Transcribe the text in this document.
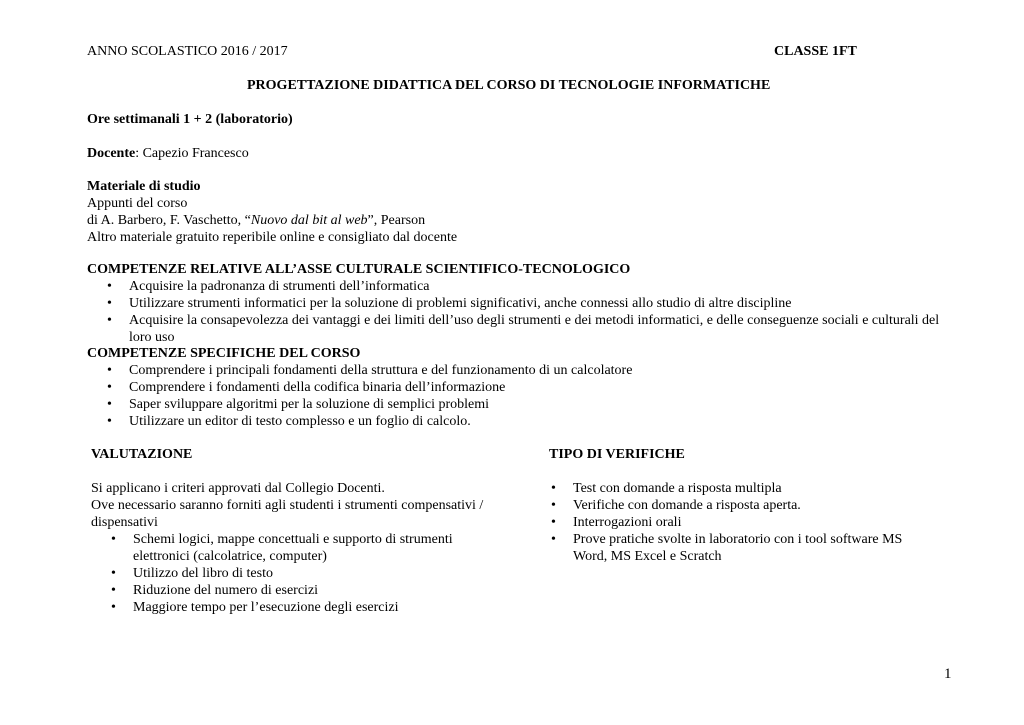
ANNO SCOLASTICO 2016 / 2017	CLASSE 1FT
PROGETTAZIONE DIDATTICA DEL CORSO DI TECNOLOGIE INFORMATICHE
Ore settimanali 1 + 2 (laboratorio)
Docente: Capezio Francesco
Materiale di studio
Appunti del corso
di A. Barbero, F. Vaschetto, “Nuovo dal bit al web”, Pearson
Altro materiale gratuito reperibile online e consigliato dal docente
COMPETENZE RELATIVE ALL’ASSE CULTURALE SCIENTIFICO-TECNOLOGICO
• Acquisire la padronanza di strumenti dell’informatica
• Utilizzare strumenti informatici per la soluzione di problemi significativi, anche connessi allo studio di altre discipline
• Acquisire la consapevolezza dei vantaggi e dei limiti dell’uso degli strumenti e dei metodi informatici, e delle conseguenze sociali e culturali del loro uso
COMPETENZE SPECIFICHE DEL CORSO
• Comprendere i principali fondamenti della struttura e del funzionamento di un calcolatore
• Comprendere i fondamenti della codifica binaria dell’informazione
• Saper sviluppare algoritmi per la soluzione di semplici problemi
• Utilizzare un editor di testo complesso e un foglio di calcolo.
VALUTAZIONE
Si applicano i criteri approvati dal Collegio Docenti.
Ove necessario saranno forniti agli studenti i strumenti compensativi / dispensativi
• Schemi logici, mappe concettuali e supporto di strumenti elettronici (calcolatrice, computer)
• Utilizzo del libro di testo
• Riduzione del numero di esercizi
• Maggiore tempo per l’esecuzione degli esercizi
TIPO DI VERIFICHE
• Test con domande a risposta multipla
• Verifiche con domande a risposta aperta.
• Interrogazioni orali
• Prove pratiche svolte in laboratorio con i tool software MS Word, MS Excel e Scratch
1
